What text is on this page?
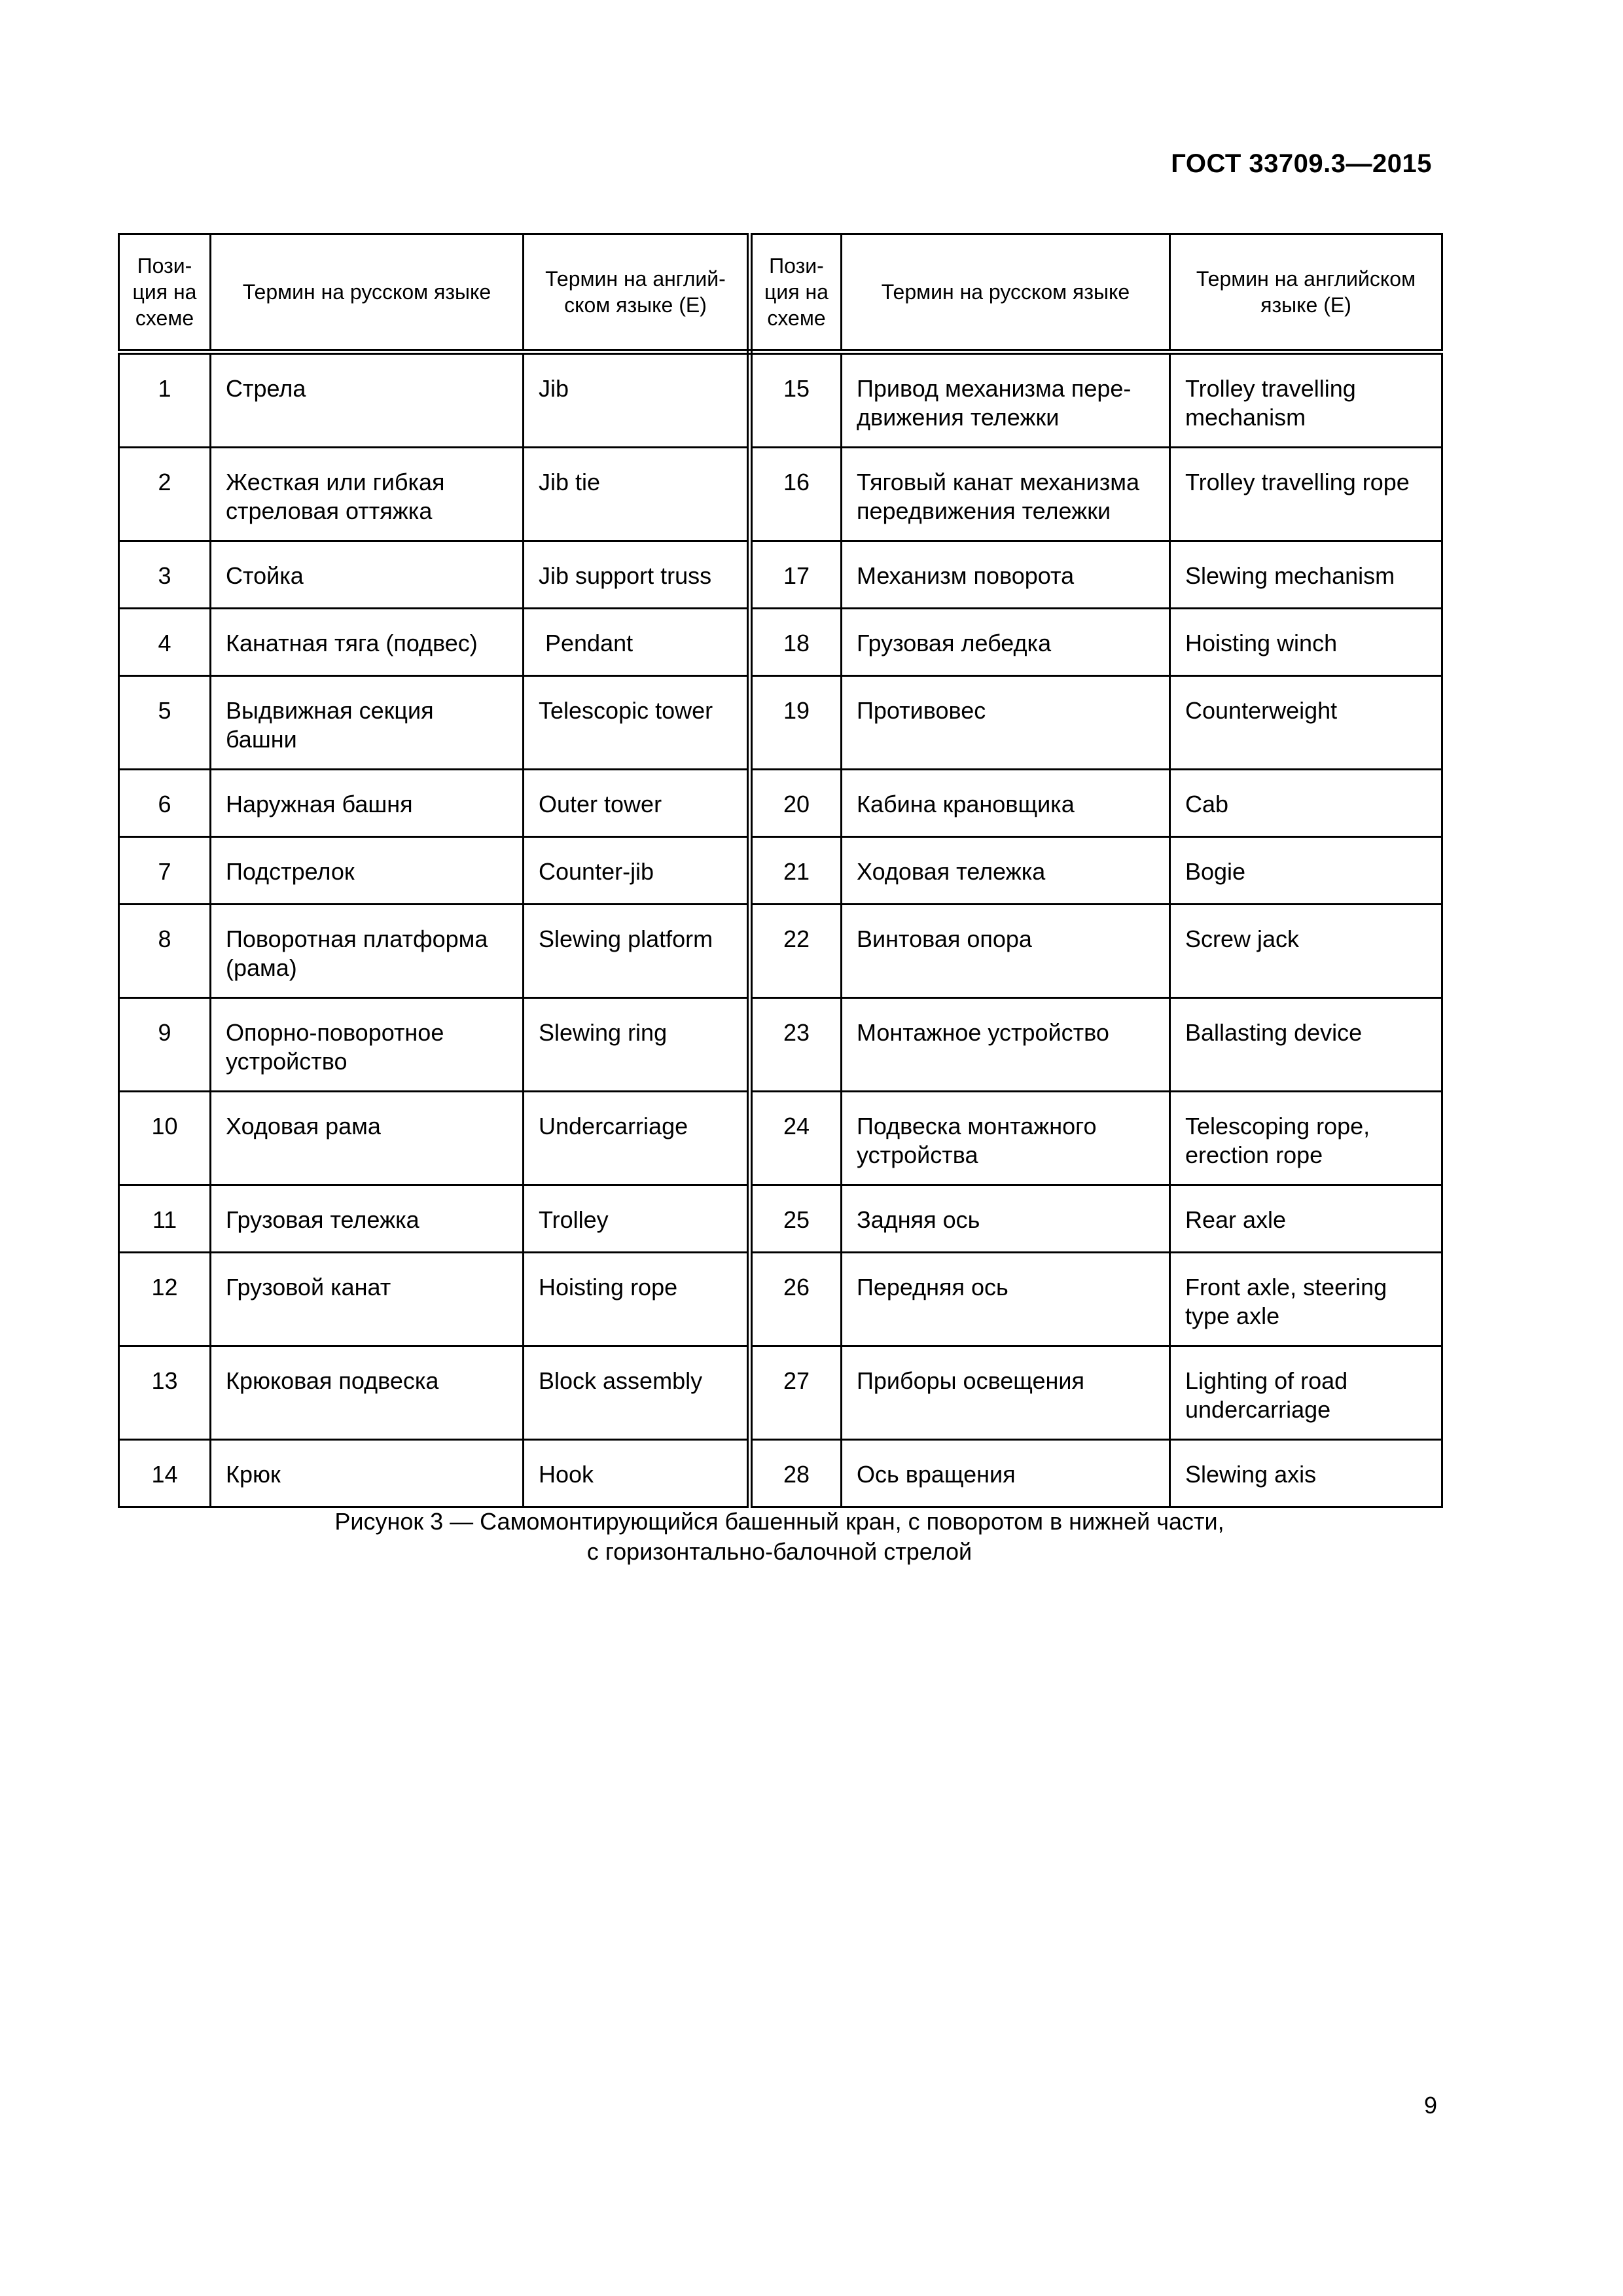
ГОСТ 33709.3—2015
Пози-
ция на
схеме	Термин на русском языке	Термин на англий-
ском языке (Е)	Пози-
ция на
схеме	Термин на русском языке	Термин на английском
языке (Е)
1	Стрела	Jib	15	Привод механизма пере-
движения тележки	Trolley travelling
mechanism
2	Жесткая или гибкая
стреловая оттяжка	Jib tie	16	Тяговый канат механизма
передвижения тележки	Trolley travelling rope
3	Стойка	Jib support truss	17	Механизм поворота	Slewing mechanism
4	Канатная тяга (подвес)	Pendant	18	Грузовая лебедка	Hoisting winch
5	Выдвижная секция
башни	Telescopic tower	19	Противовес	Counterweight
6	Наружная башня	Outer tower	20	Кабина крановщика	Cab
7	Подстрелок	Counter-jib	21	Ходовая тележка	Bogie
8	Поворотная платформа
(рама)	Slewing platform	22	Винтовая опора	Screw jack
9	Опорно-поворотное
устройство	Slewing ring	23	Монтажное устройство	Ballasting device
10	Ходовая рама	Undercarriage	24	Подвеска монтажного
устройства	Telescoping rope,
erection rope
11	Грузовая тележка	Trolley	25	Задняя ось	Rear axle
12	Грузовой канат	Hoisting rope	26	Передняя ось	Front axle, steering
type axle
13	Крюковая подвеска	Block assembly	27	Приборы освещения	Lighting of road
undercarriage
14	Крюк	Hook	28	Ось вращения	Slewing axis
Рисунок 3 — Самомонтирующийся башенный кран, с поворотом в нижней части,
с горизонтально-балочной стрелой
9
